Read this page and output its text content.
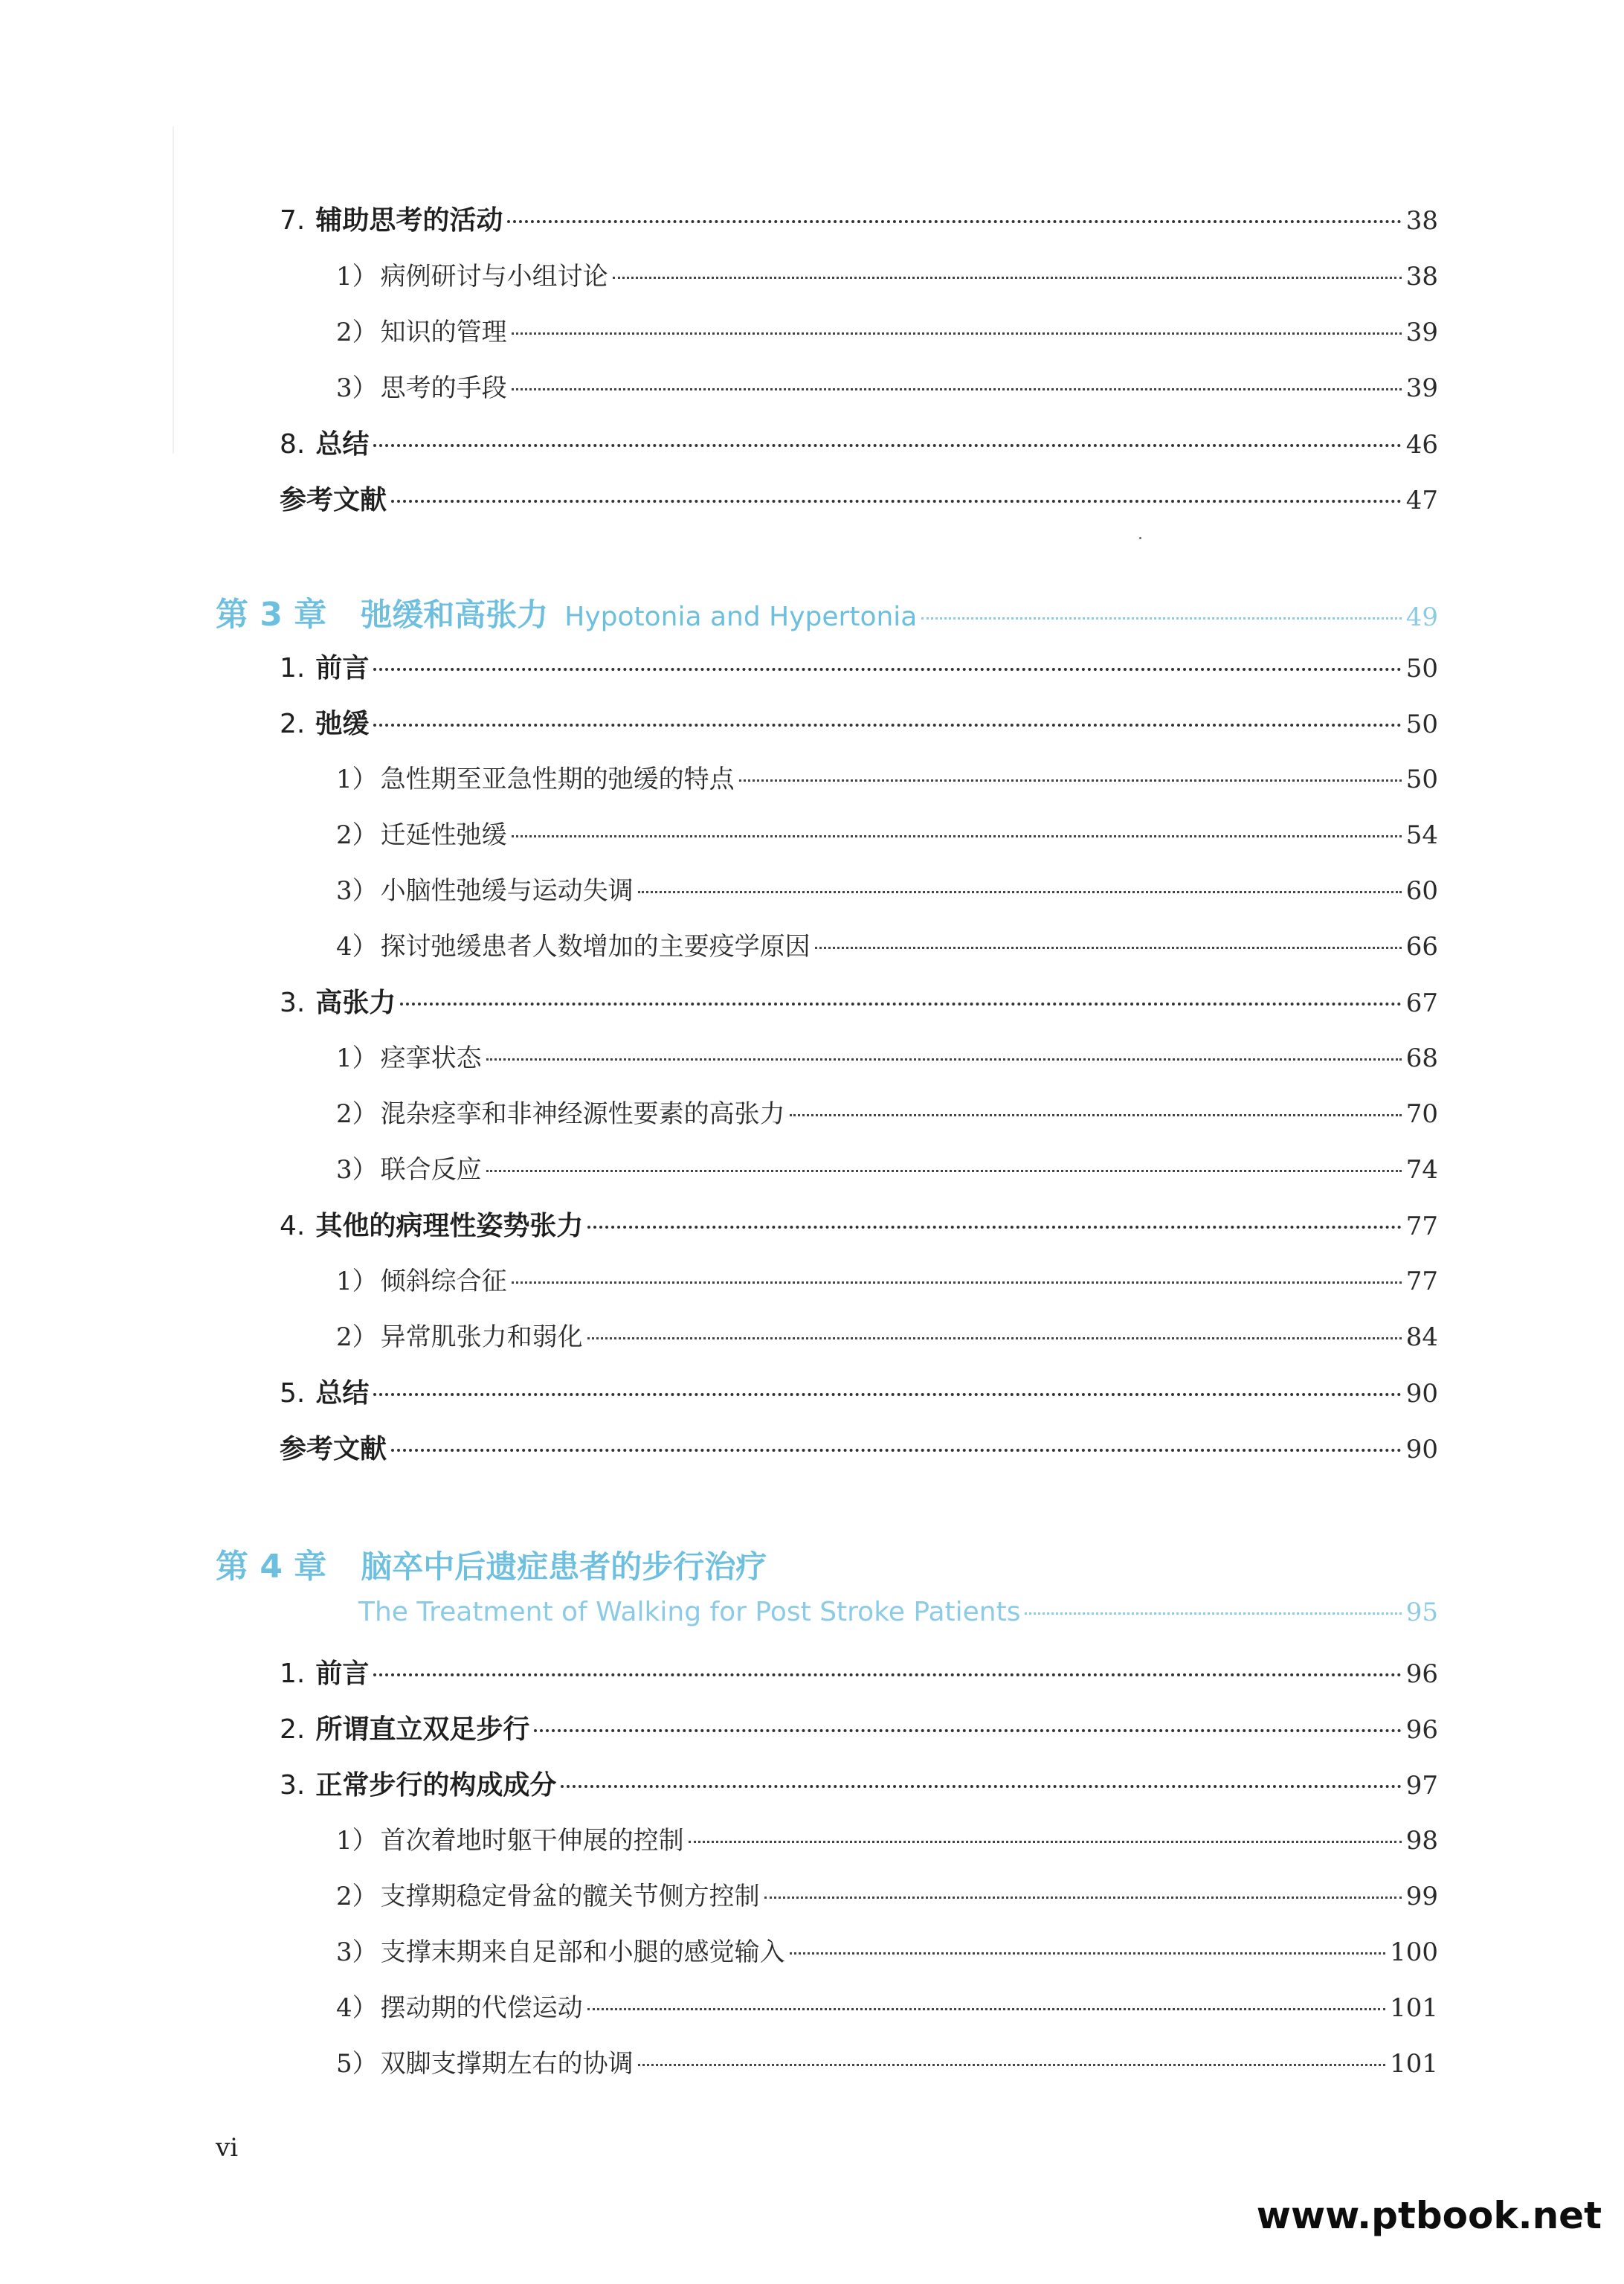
7. 辅助思考的活动	38
1） 病例研讨与小组讨论	38
2） 知识的管理	39
3） 思考的手段	39
8. 总结	46
参考文献	47
第 3 章 弛缓和高张力 Hypotonia and Hypertonia	49
1. 前言	50
2. 弛缓	50
1） 急性期至亚急性期的弛缓的特点	50
2） 迁延性弛缓	54
3） 小脑性弛缓与运动失调	60
4） 探讨弛缓患者人数增加的主要疫学原因	66
3. 高张力	67
1） 痉挛状态	68
2） 混杂痉挛和非神经源性要素的高张力	70
3） 联合反应	74
4. 其他的病理性姿势张力	77
1） 倾斜综合征	77
2） 异常肌张力和弱化	84
5. 总结	90
参考文献	90
第 4 章 脑卒中后遗症患者的步行治疗
The Treatment of Walking for Post Stroke Patients	95
1. 前言	96
2. 所谓直立双足步行	96
3. 正常步行的构成成分	97
1） 首次着地时躯干伸展的控制	98
2） 支撑期稳定骨盆的髋关节侧方控制	99
3） 支撑末期来自足部和小腿的感觉输入	100
4） 摆动期的代偿运动	101
5） 双脚支撑期左右的协调	101
vi
www.ptbook.net
